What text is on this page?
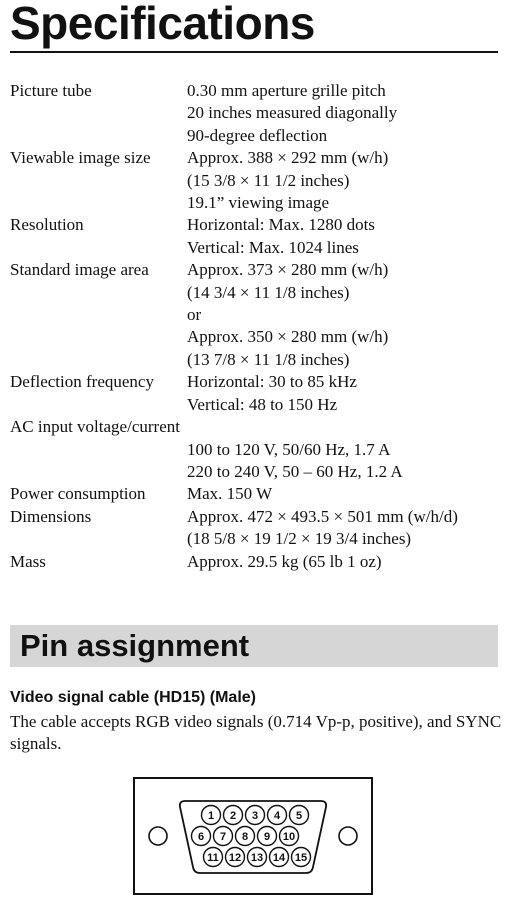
Specifications
Picture tube	0.30 mm aperture grille pitch
20 inches measured diagonally
90-degree deflection
Viewable image size	Approx. 388 × 292 mm (w/h)
(15 3/8 × 11 1/2 inches)
19.1” viewing image
Resolution	Horizontal: Max. 1280 dots
Vertical: Max. 1024 lines
Standard image area	Approx. 373 × 280 mm (w/h)
(14 3/4 × 11 1/8 inches)
or
Approx. 350 × 280 mm (w/h)
(13 7/8 × 11 1/8 inches)
Deflection frequency	Horizontal: 30 to 85 kHz
Vertical: 48 to 150 Hz
AC input voltage/current
100 to 120 V, 50/60 Hz, 1.7 A
220 to 240 V, 50 – 60 Hz, 1.2 A
Power consumption	Max. 150 W
Dimensions	Approx. 472 × 493.5 × 501 mm (w/h/d)
(18 5/8 × 19 1/2 × 19 3/4 inches)
Mass	Approx. 29.5 kg (65 lb 1 oz)
Pin assignment
Video signal cable (HD15) (Male)
The cable accepts RGB video signals (0.714 Vp-p, positive), and SYNC signals.
1 2 3 4 5
6 7 8 9 10
11 12 13 14 15
